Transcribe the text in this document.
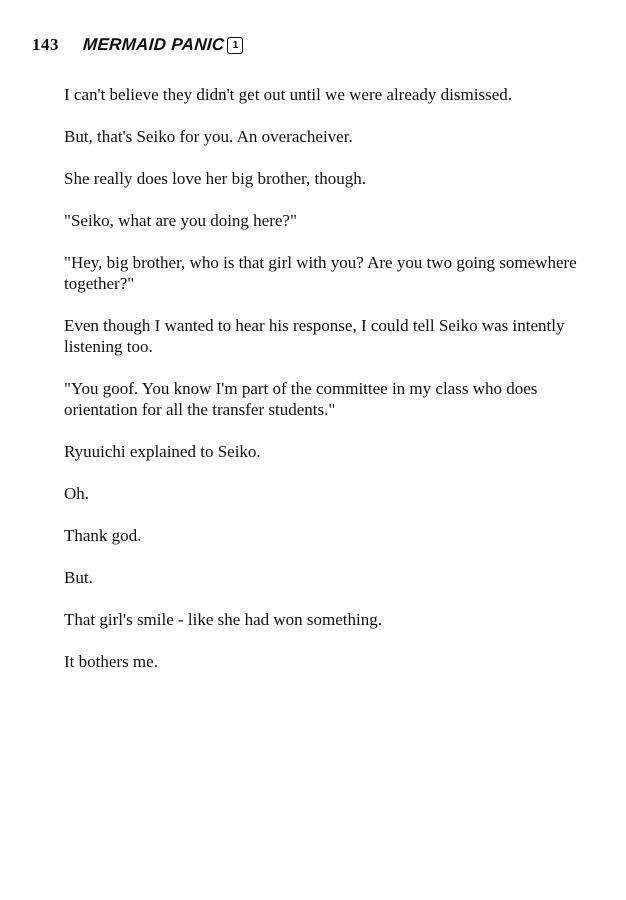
143 MERMAID PANIC 1

I can't believe they didn't get out until we were already dismissed.

But, that's Seiko for you. An overacheiver.

She really does love her big brother, though.

"Seiko, what are you doing here?"

"Hey, big brother, who is that girl with you? Are you two going somewhere together?"

Even though I wanted to hear his response, I could tell Seiko was intently listening too.

"You goof. You know I'm part of the committee in my class who does orientation for all the transfer students."

Ryuuichi explained to Seiko.

Oh.

Thank god.

But.

That girl's smile - like she had won something.

It bothers me.
